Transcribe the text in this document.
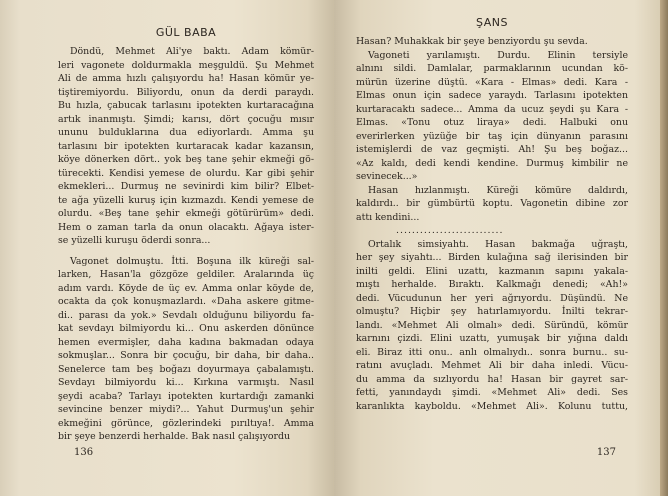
GÜL BABA
Döndü, Mehmet Ali'ye baktı. Adam kömür-
leri vagonete doldurmakla meşguldü. Şu Mehmet
Ali de amma hızlı çalışıyordu ha! Hasan kömür ye-
tiştiremiyordu. Biliyordu, onun da derdi paraydı.
Bu hızla, çabucak tarlasını ipotekten kurtaracağına
artık inanmıştı. Şimdi; karısı, dört çocuğu mısır
ununu bulduklarına dua ediyorlardı. Amma şu
tarlasını bir ipotekten kurtaracak kadar kazansın,
köye dönerken dört.. yok beş tane şehir ekmeği gö-
türecekti. Kendisi yemese de olurdu. Kar gibi şehir
ekmekleri... Durmuş ne sevinirdi kim bilir? Elbet-
te ağa yüzelli kuruş için kızmazdı. Kendi yemese de
olurdu. «Beş tane şehir ekmeği götürürüm» dedi.
Hem o zaman tarla da onun olacaktı. Ağaya ister-
se yüzelli kuruşu öderdi sonra...
Vagonet dolmuştu. İtti. Boşuna ilk küreği sal-
larken, Hasan'la gözgöze geldiler. Aralarında üç
adım vardı. Köyde de üç ev. Amma onlar köyde de,
ocakta da çok konuşmazlardı. «Daha askere gitme-
di.. parası da yok.» Sevdalı olduğunu biliyordu fa-
kat sevdayı bilmiyordu ki... Onu askerden dönünce
hemen evermişler, daha kadına bakmadan odaya
sokmuşlar... Sonra bir çocuğu, bir daha, bir daha..
Senelerce tam beş boğazı doyurmaya çabalamıştı.
Sevdayı bilmiyordu ki... Kırkına varmıştı. Nasıl
şeydi acaba? Tarlayı ipotekten kurtardığı zamanki
sevincine benzer miydi?... Yahut Durmuş'un şehir
ekmeğini görünce, gözlerindeki pırıltıya!. Amma
bir şeye benzerdi herhalde. Bak nasıl çalışıyordu
136
ŞANS
Hasan? Muhakkak bir şeye benziyordu şu sevda.
Vagoneti yarılamıştı. Durdu. Elinin tersiyle
alnını sildi. Damlalar, parmaklarının ucundan kö-
mürün üzerine düştü. «Kara - Elmas» dedi. Kara -
Elmas onun için sadece yaraydı. Tarlasını ipotekten
kurtaracaktı sadece... Amma da ucuz şeydi şu Kara -
Elmas. «Tonu otuz liraya» dedi. Halbuki onu
everirlerken yüzüğe bir taş için dünyanın parasını
istemişlerdi de vaz geçmişti. Ah! Şu beş boğaz...
«Az kaldı, dedi kendi kendine. Durmuş kimbilir ne
sevinecek...»
Hasan hızlanmıştı. Küreği kömüre daldırdı,
kaldırdı.. bir gümbürtü koptu. Vagonetin dibine zor
attı kendini...
...........................
Ortalık simsiyahtı. Hasan bakmağa uğraştı,
her şey siyahtı... Birden kulağına sağ ilerisinden bir
inilti geldi. Elini uzattı, kazmanın sapını yakala-
mıştı herhalde. Bıraktı. Kalkmağı denedi; «Ah!»
dedi. Vücudunun her yeri ağrıyordu. Düşündü. Ne
olmuştu? Hiçbir şey hatırlamıyordu. İnilti tekrar-
landı. «Mehmet Ali olmalı» dedi. Süründü, kömür
karnını çizdi. Elini uzattı, yumuşak bir yığına daldı
eli. Biraz itti onu.. anlı olmalıydı.. sonra burnu.. su-
ratını avuçladı. Mehmet Ali bir daha inledi. Vücu-
du amma da sızlıyordu ha! Hasan bir gayret sar-
fetti, yanındaydı şimdi. «Mehmet Ali» dedi. Ses
karanlıkta kayboldu. «Mehmet Ali». Kolunu tuttu,
137
